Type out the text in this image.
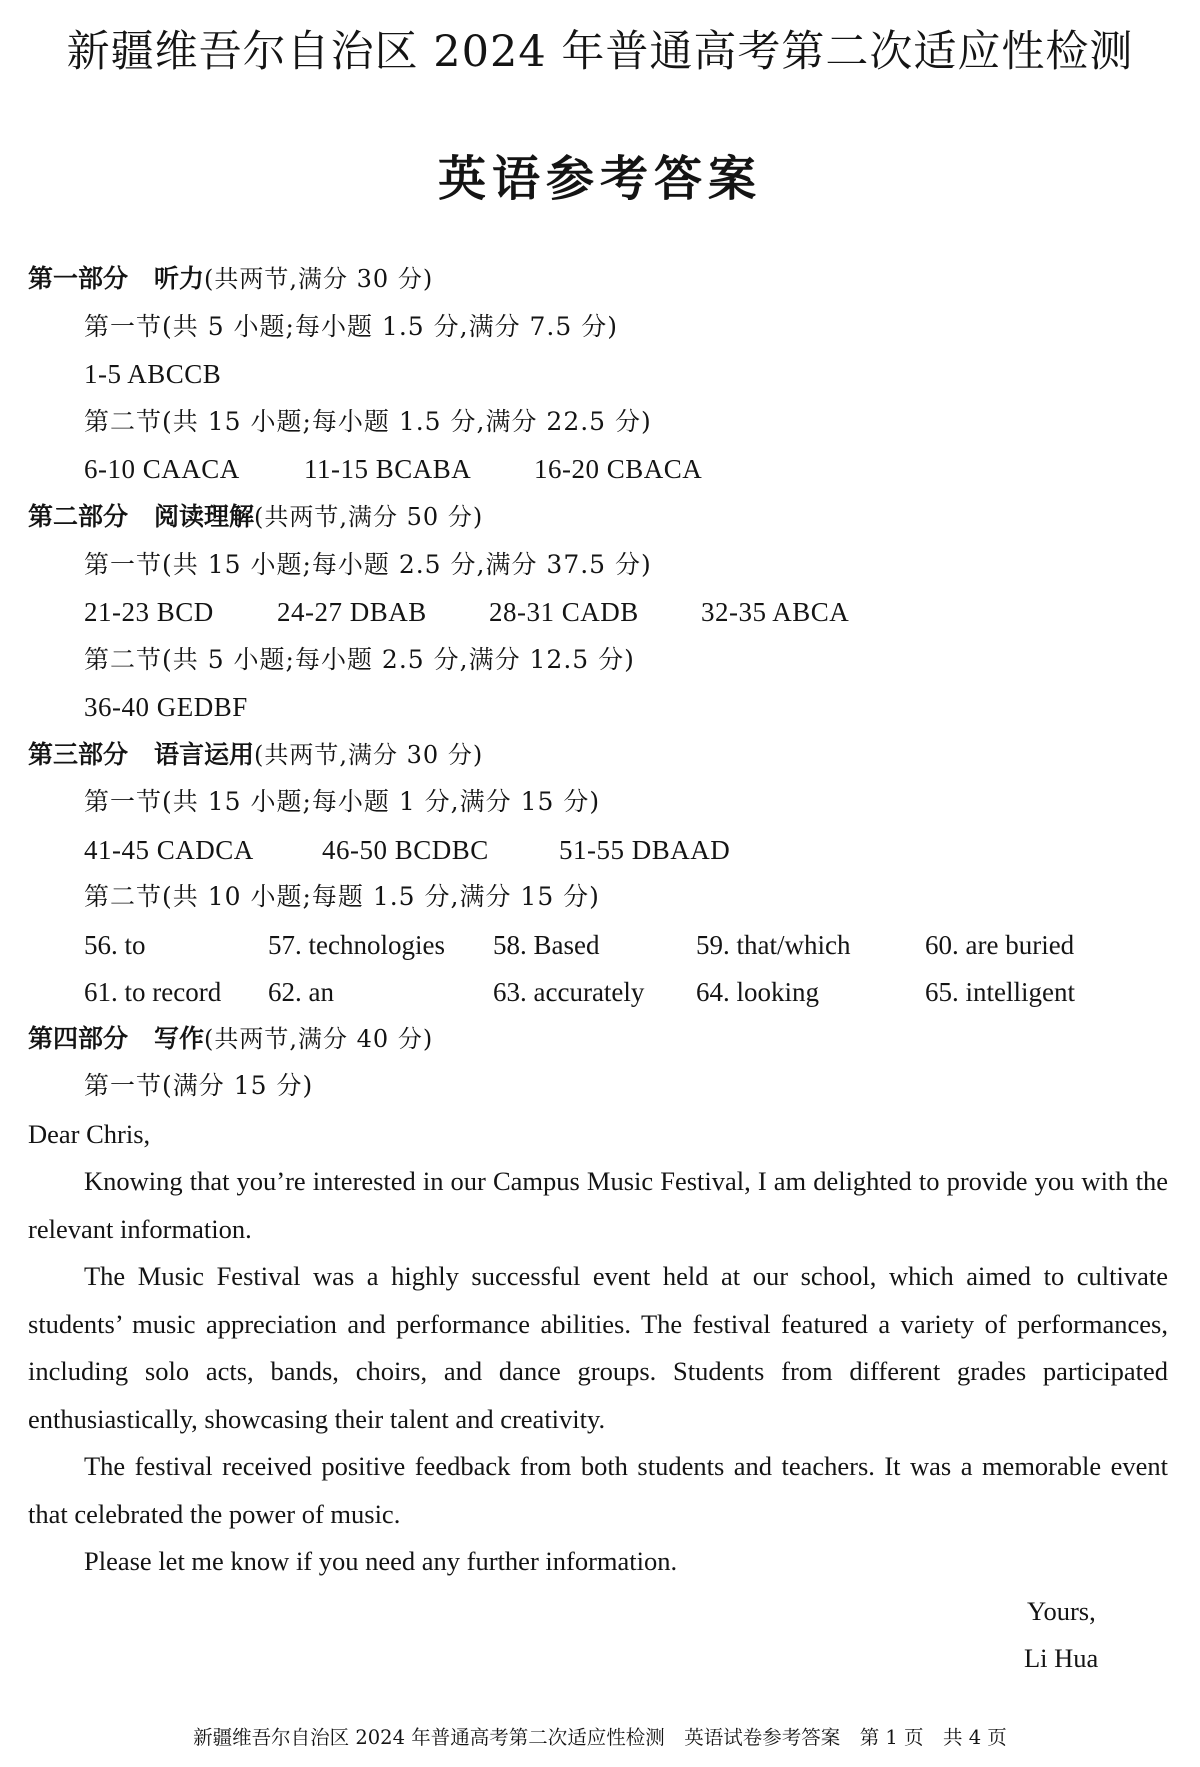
新疆维吾尔自治区 2024 年普通高考第二次适应性检测
英语参考答案
第一部分 听力(共两节,满分 30 分)
第一节(共 5 小题;每小题 1.5 分,满分 7.5 分)
1-5 ABCCB
第二节(共 15 小题;每小题 1.5 分,满分 22.5 分)
6-10 CAACA 11-15 BCABA 16-20 CBACA
第二部分 阅读理解(共两节,满分 50 分)
第一节(共 15 小题;每小题 2.5 分,满分 37.5 分)
21-23 BCD 24-27 DBAB 28-31 CADB 32-35 ABCA
第二节(共 5 小题;每小题 2.5 分,满分 12.5 分)
36-40 GEDBF
第三部分 语言运用(共两节,满分 30 分)
第一节(共 15 小题;每小题 1 分,满分 15 分)
41-45 CADCA	46-50 BCDBC	51-55 DBAAD
第二节(共 10 小题;每题 1.5 分,满分 15 分)
56. to	57. technologies 58. Based	59. that/which	60. are buried
61. to record 62. an	63. accurately 64. looking	65. intelligent
第四部分 写作(共两节,满分 40 分)
第一节(满分 15 分)
Dear Chris,

Knowing that you’re interested in our Campus Music Festival, I am delighted to provide you with the relevant information.

The Music Festival was a highly successful event held at our school, which aimed to cultivate students’ music appreciation and performance abilities. The festival featured a variety of performances, including solo acts, bands, choirs, and dance groups. Students from different grades participated enthusiastically, showcasing their talent and creativity.

The festival received positive feedback from both students and teachers. It was a memorable event that celebrated the power of music.

Please let me know if you need any further information.

Yours,
Li Hua
新疆维吾尔自治区 2024 年普通高考第二次适应性检测　英语试卷参考答案　第 1 页　共 4 页
